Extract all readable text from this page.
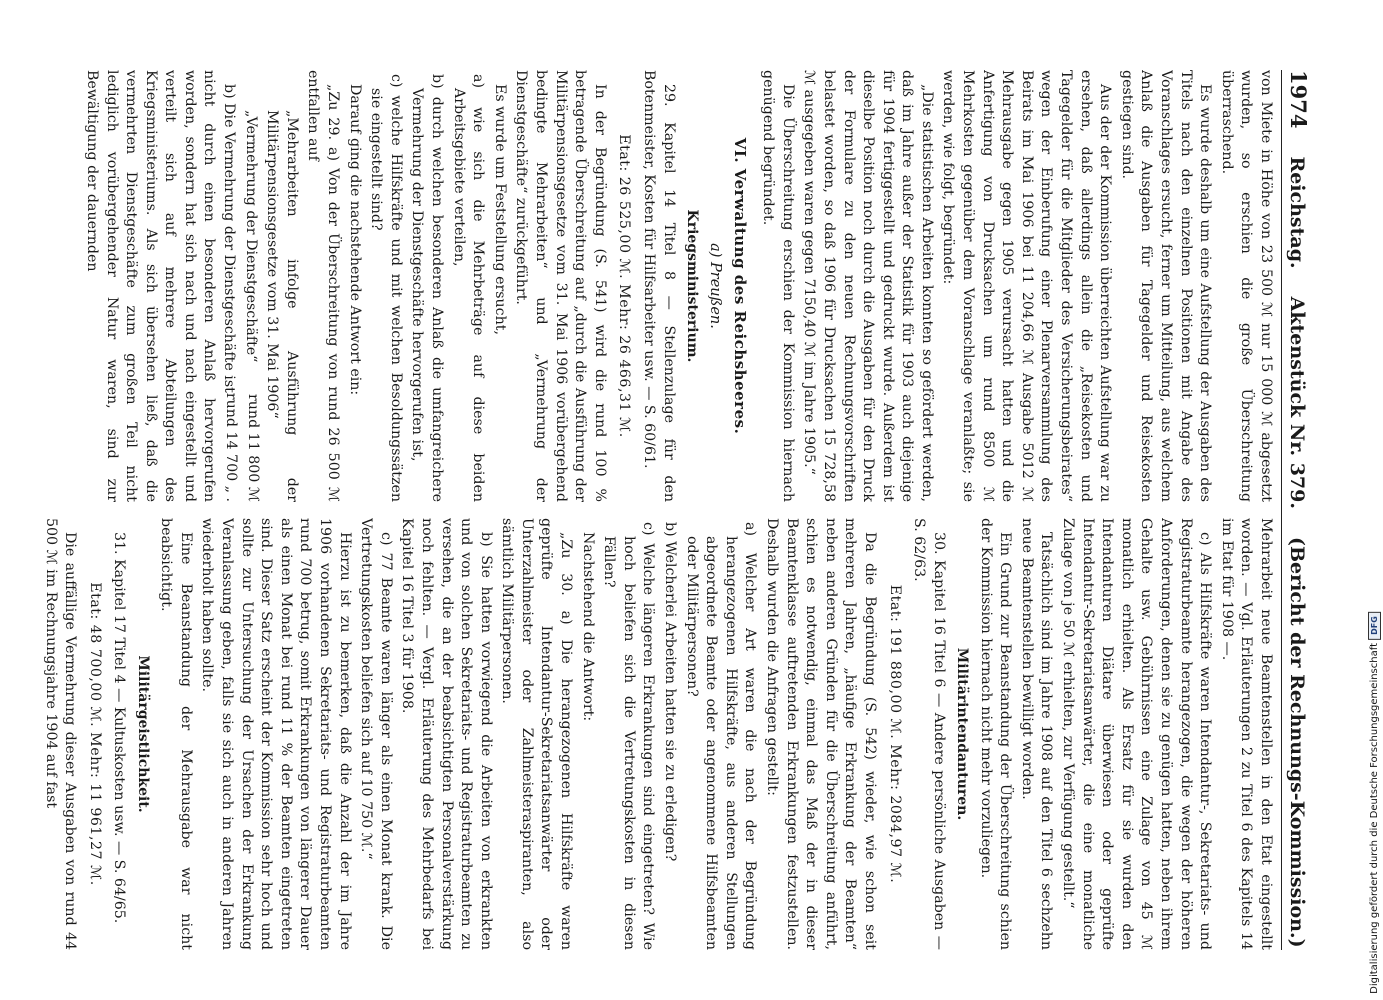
1974
Reichstag.
Aktenstück Nr. 379.
(Bericht der Rechnungs-Kommission.)

von Miete in Höhe von 23 500 ℳ nur 15 000 ℳ abgesetzt wurden, so erschien die große Überschreitung überraschend.

Es wurde deshalb um eine Aufstellung der Ausgaben des Titels nach den einzelnen Positionen mit Angabe des Voranschlages ersucht, ferner um Mitteilung, aus welchem Anlaß die Ausgaben für Tagegelder und Reisekosten gestiegen sind.

Aus der der Kommission überreichten Aufstellung war zu ersehen, daß allerdings allein die „Reisekosten und Tagegelder für die Mitglieder des Versicherungsbeirates“ wegen der Einberufung einer Plenarversammlung des Beirats im Mai 1906 bei 11 204,66 ℳ Ausgabe 5012 ℳ Mehrausgabe gegen 1905 verursacht hatten und die Anfertigung von Drucksachen um rund 8500 ℳ Mehrkosten gegenüber dem Voranschlage veranlaßte; sie werden, wie folgt, begründet:

„Die statistischen Arbeiten konnten so gefördert werden, daß im Jahre außer der Statistik für 1903 auch diejenige für 1904 fertiggestellt und gedruckt wurde. Außerdem ist dieselbe Position noch durch die Ausgaben für den Druck der Formulare zu den neuen Rechnungsvorschriften belastet worden, so daß 1906 für Drucksachen 15 728,58 ℳ ausgegeben waren gegen 7150,40 ℳ im Jahre 1905.“

Die Überschreitung erschien der Kommission hiernach genügend begründet.

VI. Verwaltung des Reichsheeres.

a) Preußen.

Kriegsministerium.

29. Kapitel 14 Titel 8 — Stellenzulage für den Botenmeister, Kosten für Hilfsarbeiter usw. — S. 60/61.

Etat: 26 525,00 ℳ. Mehr: 26 466,31 ℳ.

In der Begründung (S. 541) wird die rund 100 % betragende Überschreitung auf „durch die Ausführung der Militärpensionsgesetze vom 31. Mai 1906 vorübergehend bedingte Mehrarbeiten“ und „Vermehrung der Dienstgeschäfte“ zurückgeführt.

Es wurde um Feststellung ersucht,

a) wie sich die Mehrbeträge auf diese beiden Arbeitsgebiete verteilen,

b) durch welchen besonderen Anlaß die umfangreichere Vermehrung der Dienstgeschäfte hervorgerufen ist,

c) welche Hilfskräfte und mit welchen Besoldungssätzen sie eingestellt sind?

Darauf ging die nachstehende Antwort ein:

„Zu 29. a) Von der Überschreitung von rund 26 500 ℳ entfallen auf

„Mehrarbeiten infolge Ausführung der Militärpensionsgesetze vom 31. Mai 1906“
rund 11 800 ℳ

„Vermehrung der Dienstgeschäfte“
rund 14 700 „ .

b) Die Vermehrung der Dienstgeschäfte ist nicht durch einen besonderen Anlaß hervorgerufen worden, sondern hat sich nach und nach eingestellt und verteilt sich auf mehrere Abteilungen des Kriegsministeriums. Als sich übersehen ließ, daß die vermehrten Dienstgeschäfte zum großen Teil nicht lediglich vorübergehender Natur waren, sind zur Bewältigung der dauernden

Mehrarbeit neue Beamtenstellen in den Etat eingestellt worden. — Vgl. Erläuterungen 2 zu Titel 6 des Kapitels 14 im Etat für 1908 —.

c) Als Hilfskräfte waren Intendantur-, Sekretariats- und Registraturbeamte herangezogen, die wegen der höheren Anforderungen, denen sie zu genügen hatten, neben ihrem Gehalte usw. Gebührnissen eine Zulage von 45 ℳ monatlich erhielten. Als Ersatz für sie wurden den Intendanturen Diätare überwiesen oder geprüfte Intendantur-Sekretariatsanwärter, die eine monatliche Zulage von je 50 ℳ erhielten, zur Verfügung gestellt.“

Tatsächlich sind im Jahre 1908 auf den Titel 6 sechzehn neue Beamtenstellen bewilligt worden.

Ein Grund zur Beanstandung der Überschreitung schien der Kommission hiernach nicht mehr vorzuliegen.

Militärintendanturen.

30. Kapitel 16 Titel 6 — Andere persönliche Ausgaben — S. 62/63.

Etat: 191 880,00 ℳ. Mehr: 2084,97 ℳ.

Da die Begründung (S. 542) wieder, wie schon seit mehreren Jahren, „häufige Erkrankung der Beamten“ neben anderen Gründen für die Überschreitung anführt, schien es notwendig, einmal das Maß der in dieser Beamtenklasse auftretenden Erkrankungen festzustellen. Deshalb wurden die Anfragen gestellt:

a) Welcher Art waren die nach der Begründung herangezogenen Hilfskräfte, aus anderen Stellungen abgeordnete Beamte oder angenommene Hilfsbeamten oder Militärpersonen?

b) Welcherlei Arbeiten hatten sie zu erledigen?

c) Welche längeren Erkrankungen sind eingetreten? Wie hoch beliefen sich die Vertretungskosten in diesen Fällen?

Nachstehend die Antwort:

„Zu 30. a) Die herangezogenen Hilfskräfte waren geprüfte Intendantur-Sekretariatsanwärter oder Unterzahlmeister oder Zahlmeisteraspiranten, also sämtlich Militärpersonen.

b) Sie hatten vorwiegend die Arbeiten von erkrankten und von solchen Sekretariats- und Registraturbeamten zu versehen, die an der beabsichtigten Personalverstärkung noch fehlten. — Vergl. Erläuterung des Mehrbedarfs bei Kapitel 16 Titel 3 für 1908.

c) 77 Beamte waren länger als einen Monat krank. Die Vertretungskosten beliefen sich auf 10 750 ℳ.“

Hierzu ist zu bemerken, daß die Anzahl der im Jahre 1906 vorhandenen Sekretariats- und Registraturbeamten rund 700 betrug, somit Erkrankungen von längerer Dauer als einen Monat bei rund 11 % der Beamten eingetreten sind. Dieser Satz erscheint der Kommission sehr hoch und sollte zur Untersuchung der Ursachen der Erkrankung Veranlassung geben, falls sie sich auch in anderen Jahren wiederholt haben sollte.

Eine Beanstandung der Mehrausgabe war nicht beabsichtigt.

Militärgeistlichkeit.

31. Kapitel 17 Titel 4 — Kultuskosten usw. — S. 64/65.

Etat: 48 700,00 ℳ. Mehr: 11 961,27 ℳ.

Die auffällige Vermehrung dieser Ausgaben von rund 44 500 ℳ im Rechnungsjahre 1904 auf fast	Digitalisierung gefördert durch die Deutsche Forschungsgemeinschaft
DFG
